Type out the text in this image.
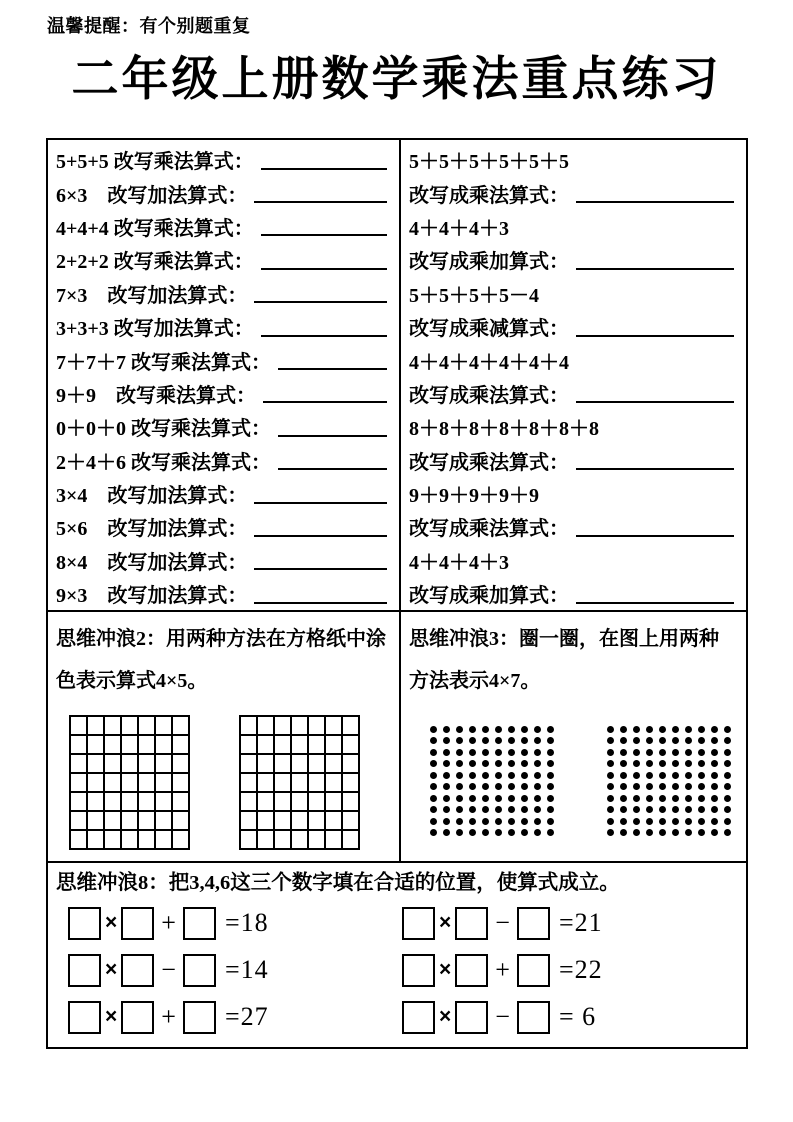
温馨提醒：有个别题重复
二年级上册数学乘法重点练习
5+5+5 改写乘法算式：
6×3　改写加法算式：
4+4+4 改写乘法算式：
2+2+2 改写乘法算式：
7×3　改写加法算式：
3+3+3 改写加法算式：
7＋7＋7 改写乘法算式：
9＋9　改写乘法算式：
0＋0＋0 改写乘法算式：
2＋4＋6 改写乘法算式：
3×4　改写加法算式：
5×6　改写加法算式：
8×4　改写加法算式：
9×3　改写加法算式：
5＋5＋5＋5＋5＋5
改写成乘法算式：
4＋4＋4＋3
改写成乘加算式：
5＋5＋5＋5－4
改写成乘减算式：
4＋4＋4＋4＋4＋4
改写成乘法算式：
8＋8＋8＋8＋8＋8＋8
改写成乘法算式：
9＋9＋9＋9＋9
改写成乘法算式：
4＋4＋4＋3
改写成乘加算式：
思维冲浪2：用两种方法在方格纸中涂色表示算式4×5。
思维冲浪3：圈一圈，在图上用两种方法表示4×7。
思维冲浪8：把3,4,6这三个数字填在合适的位置，使算式成立。
× + =18
× − =14
× + =27
× − =21
× + =22
× − = 6
